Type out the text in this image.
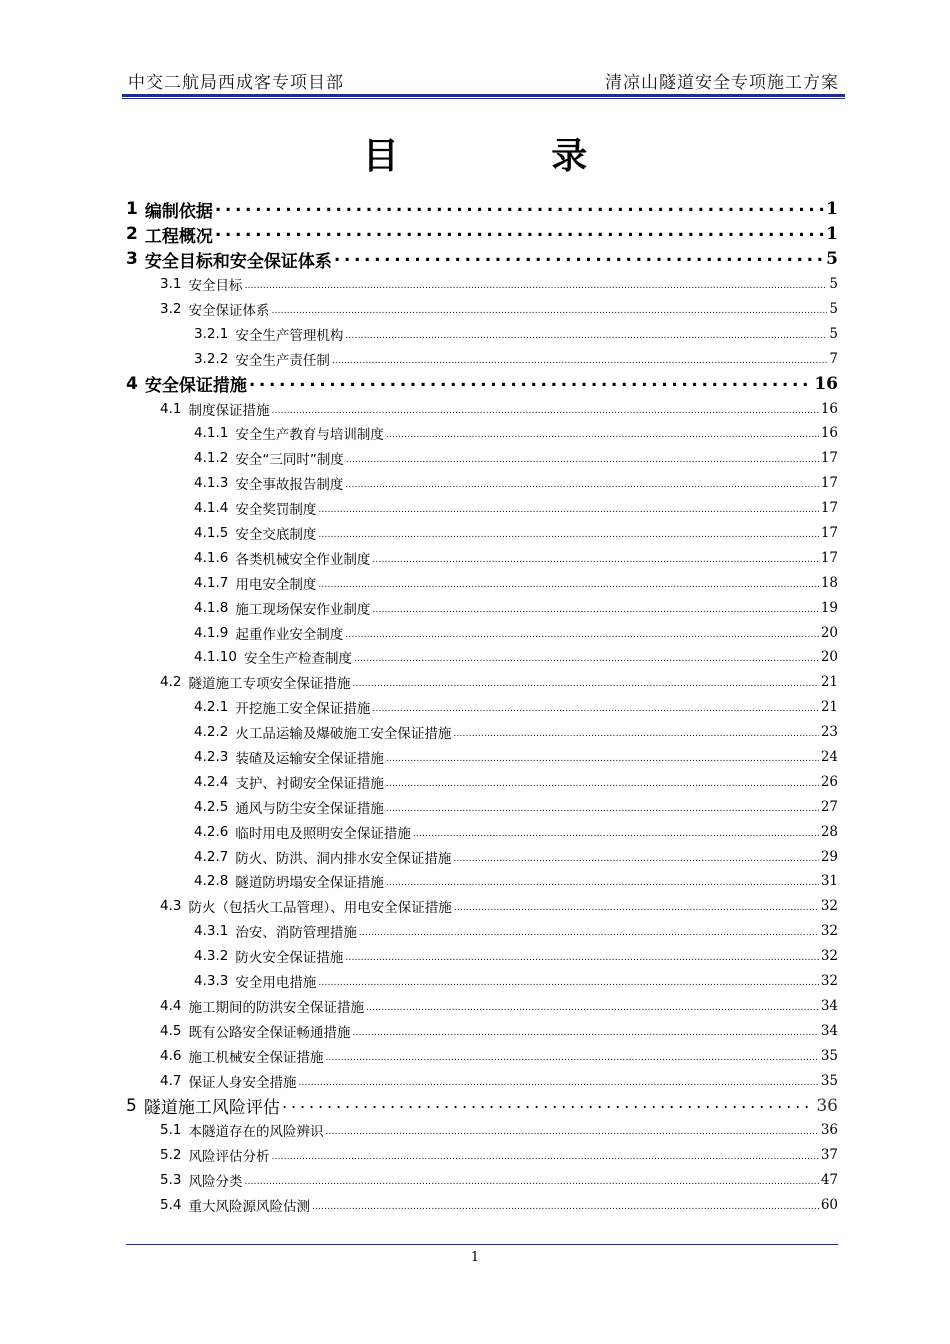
中交二航局西成客专项目部	清凉山隧道安全专项施工方案
目 录
1 编制依据 .....	1
2 工程概况 .....	1
3 安全目标和安全保证体系 .....	5
3.1 安全目标 .....	5
3.2 安全保证体系 .....	5
3.2.1 安全生产管理机构 .....	5
3.2.2 安全生产责任制 .....	7
4 安全保证措施 .....	16
4.1 制度保证措施 .....	16
4.1.1 安全生产教育与培训制度 .....	16
4.1.2 安全“三同时”制度 .....	17
4.1.3 安全事故报告制度 .....	17
4.1.4 安全奖罚制度 .....	17
4.1.5 安全交底制度 .....	17
4.1.6 各类机械安全作业制度 .....	17
4.1.7 用电安全制度 .....	18
4.1.8 施工现场保安作业制度 .....	19
4.1.9 起重作业安全制度 .....	20
4.1.10 安全生产检查制度 .....	20
4.2 隧道施工专项安全保证措施 .....	21
4.2.1 开挖施工安全保证措施 .....	21
4.2.2 火工品运输及爆破施工安全保证措施 .....	23
4.2.3 装碴及运输安全保证措施 .....	24
4.2.4 支护、衬砌安全保证措施 .....	26
4.2.5 通风与防尘安全保证措施 .....	27
4.2.6 临时用电及照明安全保证措施 .....	28
4.2.7 防火、防洪、洞内排水安全保证措施 .....	29
4.2.8 隧道防坍塌安全保证措施 .....	31
4.3 防火（包括火工品管理）、用电安全保证措施 .....	32
4.3.1 治安、消防管理措施 .....	32
4.3.2 防火安全保证措施 .....	32
4.3.3 安全用电措施 .....	32
4.4 施工期间的防洪安全保证措施 .....	34
4.5 既有公路安全保证畅通措施 .....	34
4.6 施工机械安全保证措施 .....	35
4.7 保证人身安全措施 .....	35
5 隧道施工风险评估 .....	36
5.1 本隧道存在的风险辨识 .....	36
5.2 风险评估分析 .....	37
5.3 风险分类 .....	47
5.4 重大风险源风险估测 .....	60
1
